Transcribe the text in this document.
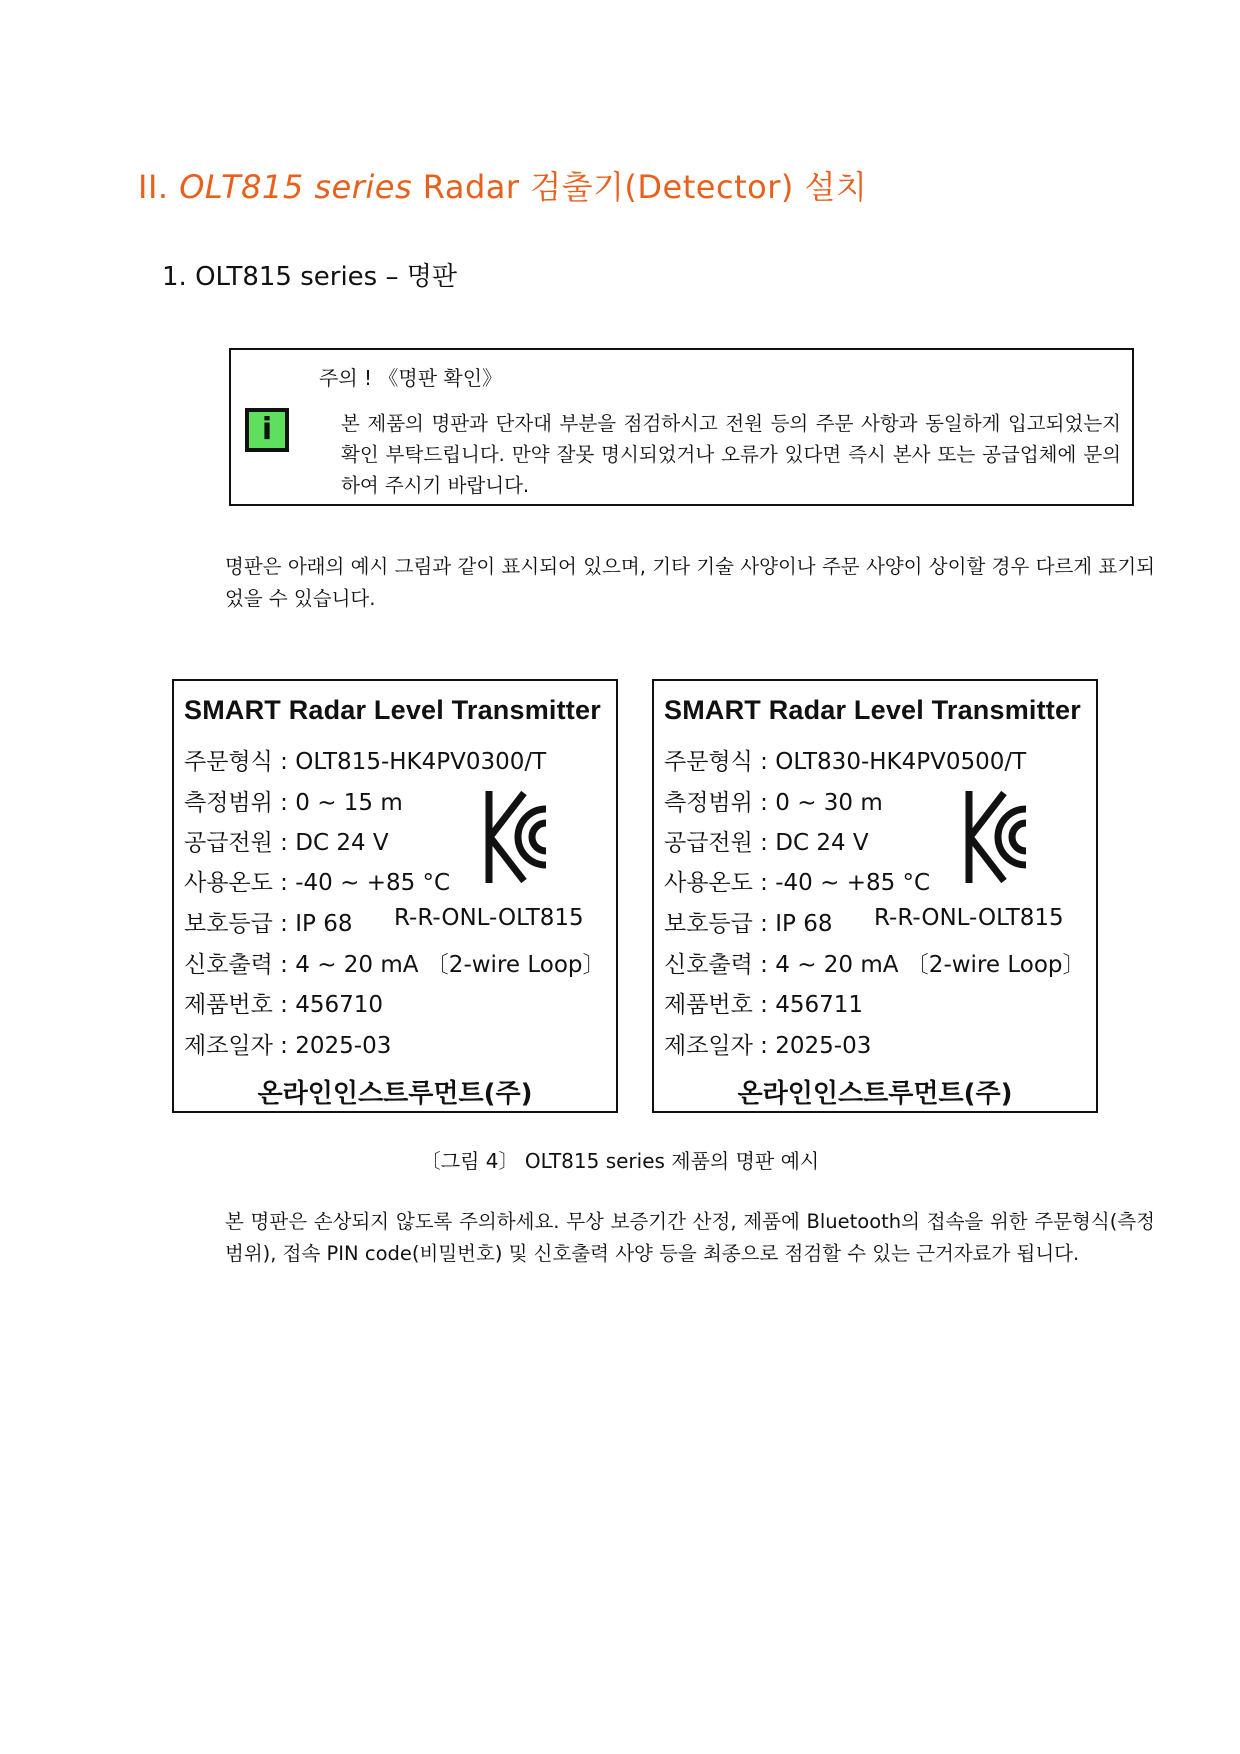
II. OLT815 series Radar 검출기(Detector) 설치
1. OLT815 series – 명판
i
주의 ! 《명판 확인》
본 제품의 명판과 단자대 부분을 점검하시고 전원 등의 주문 사항과 동일하게 입고되었는지 확인 부탁드립니다. 만약 잘못 명시되었거나 오류가 있다면 즉시 본사 또는 공급업체에 문의하여 주시기 바랍니다.
명판은 아래의 예시 그림과 같이 표시되어 있으며, 기타 기술 사양이나 주문 사양이 상이할 경우 다르게 표기되었을 수 있습니다.
SMART Radar Level Transmitter
주문형식 : OLT815-HK4PV0300/T
측정범위 : 0 ~ 15 m
공급전원 : DC 24 V
사용온도 : -40 ~ +85 °C
보호등급 : IP 68 R-R-ONL-OLT815
신호출력 : 4 ~ 20 mA 〔2-wire Loop〕
제품번호 : 456710
제조일자 : 2025-03
온라인인스트루먼트(주)
SMART Radar Level Transmitter
주문형식 : OLT830-HK4PV0500/T
측정범위 : 0 ~ 30 m
공급전원 : DC 24 V
사용온도 : -40 ~ +85 °C
보호등급 : IP 68 R-R-ONL-OLT815
신호출력 : 4 ~ 20 mA 〔2-wire Loop〕
제품번호 : 456711
제조일자 : 2025-03
온라인인스트루먼트(주)
〔그림 4〕 OLT815 series 제품의 명판 예시
본 명판은 손상되지 않도록 주의하세요. 무상 보증기간 산정, 제품에 Bluetooth의 접속을 위한 주문형식(측정범위), 접속 PIN code(비밀번호) 및 신호출력 사양 등을 최종으로 점검할 수 있는 근거자료가 됩니다.
